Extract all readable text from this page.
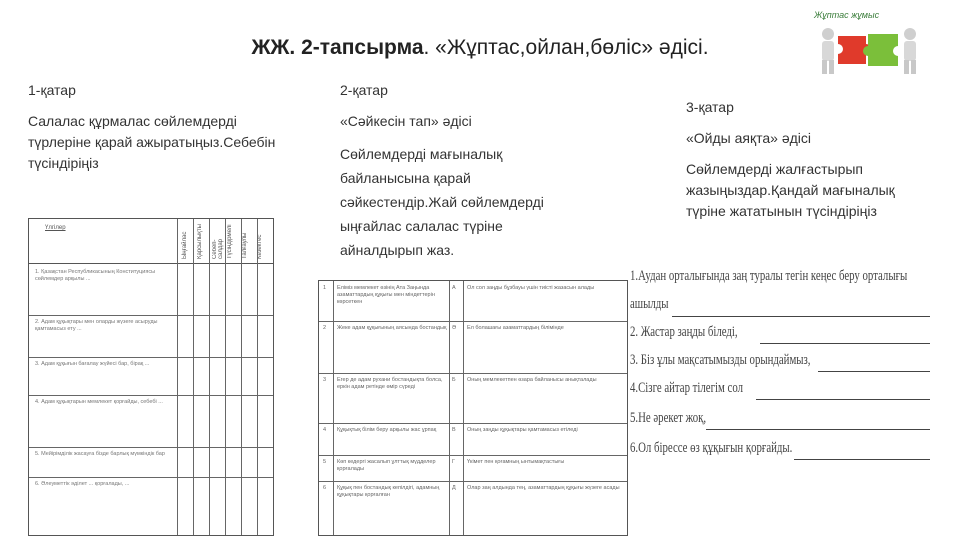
ЖЖ. 2-тапсырма. «Жұптас,ойлан,бөліс» әдісі.
Жұптас жұмыс

1-қатар

Салалас құрмалас сөйлемдерді түрлеріне қарай ажыратыңыз.Себебін түсіндіріңіз

2-қатар

«Сәйкесін тап» әдісі

Сөйлемдерді мағыналық байланысына қарай сәйкестендір.Жай сөйлемдерді ыңғайлас салалас түріне айналдырып жаз.

3-қатар

«Ойды аяқта» әдісі

Сөйлемдерді жалғастырып жазыңыздар.Қандай мағыналық түріне жататынын түсіндіріңіз

Үлгілер
Ыңғайлас Қарсылықты Себеп-салдар Түсіндірмелі Талғаулы Кезектес
1. Қазақстан Республикасының Конституциясы сөйлемдер арқылы ...
2. Адам құқықтары мен оларды жүзеге асыруды қамтамасыз ету ...
3. Адам құқығын бағалау жүйесі бар, бірақ ...
4. Адам құқықтарын мемлекет қорғайды, себебі ...
5. Мейірімділік жасауға бізде барлық мүмкіндік бар
6. Әлеуметтік әділет ... қорғалады, ...
1
2
3
4
5
6
Еліміз мемлекет өзінің Ата Заңында азаматтардың құқығы мен міндеттерін көрсеткен
Жеке адам құқығының аясында бостандық
Егер де адам рухани бостандықта болса, еркін адам ретінде өмір сүреді
Құқықтық білім беру арқылы жас ұрпақ
Көп кедергі жасалып ұлттық мүдделер қорғалады
Құқық пен бостандық кепілдігі, адамның құқықтары қорғалған
А
Ә
Б
В
Г
Д
Ол сол заңды бұзбауы үшін тиісті жазасын алады
Ел болашағы азаматтардың білімінде
Оның мемлекетпен өзара байланысы анықталады
Оның заңды құқықтары қамтамасыз етіледі
Үкімет пен қоғамның ынтымақтастығы
Олар заң алдында тең, азаматтардың құқығы жүзеге асады
1.Аудан орталығында заң туралы тегін кеңес беру орталығы
ашылды
2. Жастар заңды біледі,
3. Біз ұлы мақсатымызды орындаймыз,
4.Сізге айтар тілегім сол
5.Не әрекет жоқ,
6.Ол бірессе өз құқығын қорғайды.
